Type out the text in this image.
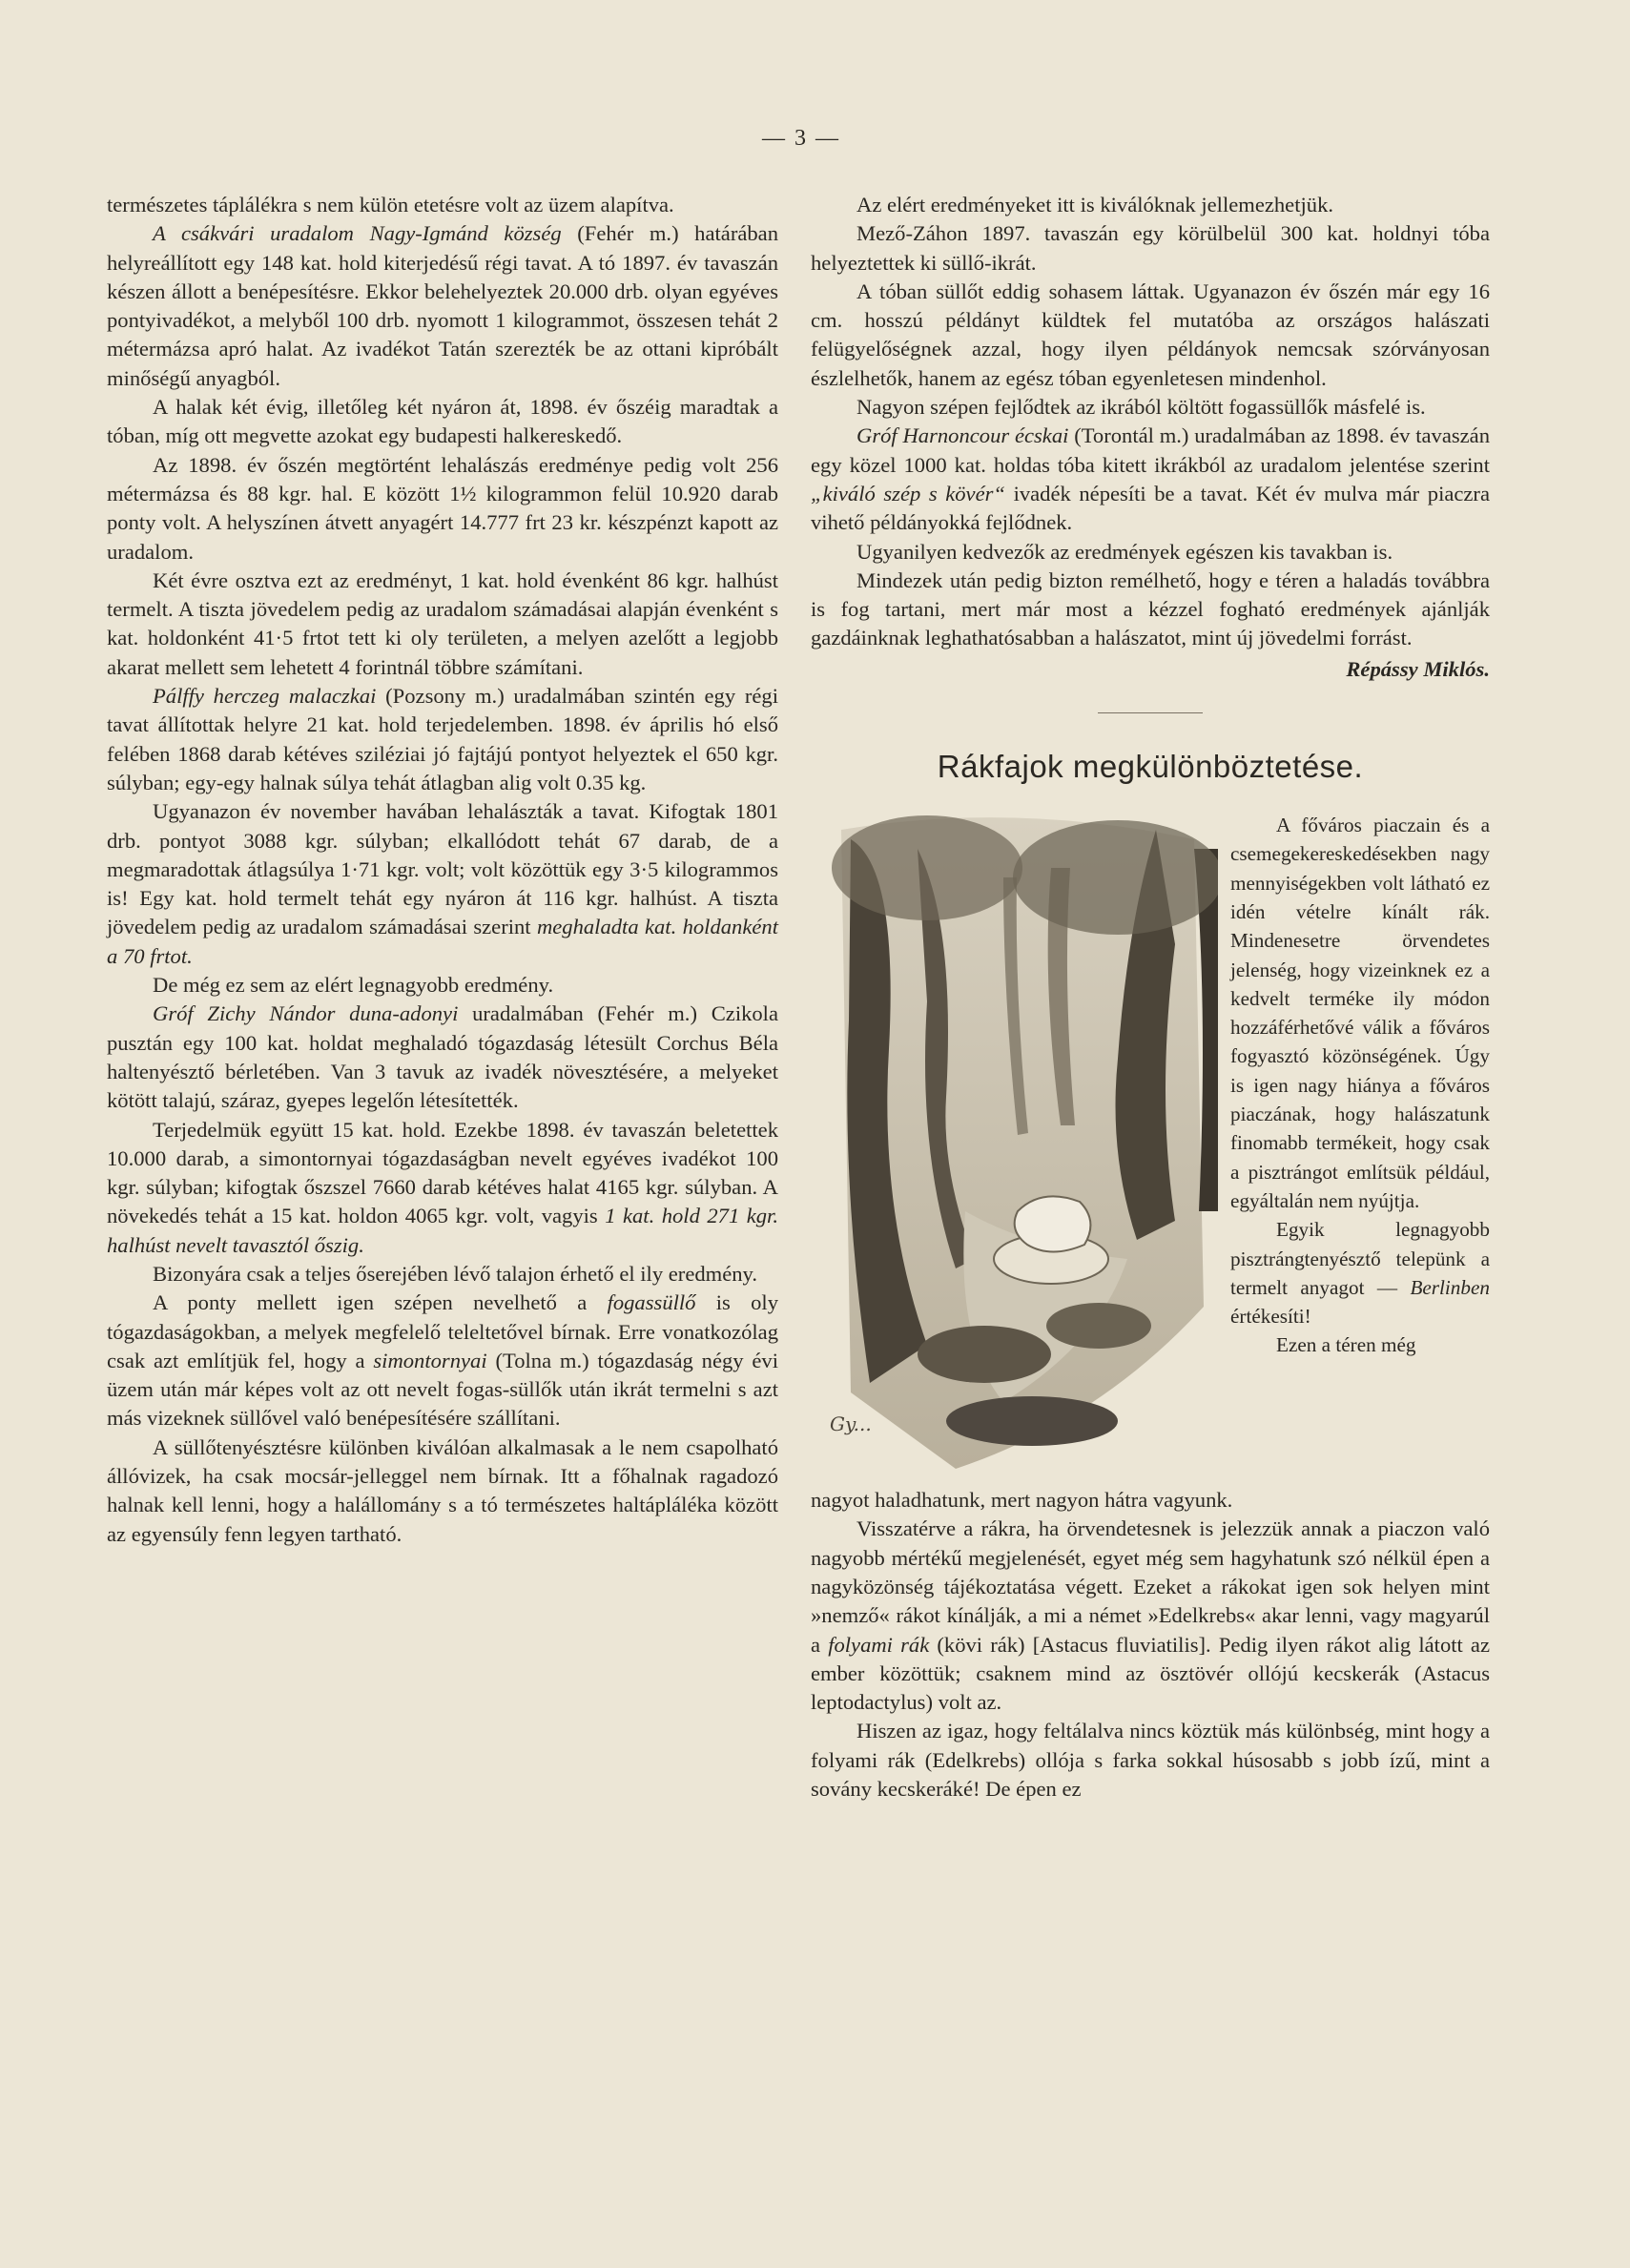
— 3 —

természetes táplálékra s nem külön etetésre volt az üzem alapítva.

A csákvári uradalom Nagy-Igmánd község (Fehér m.) határában helyreállított egy 148 kat. hold kiterjedésű régi tavat. A tó 1897. év tavaszán készen állott a benépesítésre. Ekkor belehelyeztek 20.000 drb. olyan egyéves pontyivadékot, a melyből 100 drb. nyomott 1 kilogrammot, összesen tehát 2 métermázsa apró halat. Az ivadékot Tatán szerezték be az ottani kipróbált minőségű anyagból.

A halak két évig, illetőleg két nyáron át, 1898. év őszéig maradtak a tóban, míg ott megvette azokat egy budapesti halkereskedő.

Az 1898. év őszén megtörtént lehalászás eredménye pedig volt 256 métermázsa és 88 kgr. hal. E között 1½ kilogrammon felül 10.920 darab ponty volt. A helyszínen átvett anyagért 14.777 frt 23 kr. készpénzt kapott az uradalom.

Két évre osztva ezt az eredményt, 1 kat. hold évenként 86 kgr. halhúst termelt. A tiszta jövedelem pedig az uradalom számadásai alapján évenként s kat. holdonként 41·5 frtot tett ki oly területen, a melyen azelőtt a legjobb akarat mellett sem lehetett 4 forintnál többre számítani.

Pálffy herczeg malaczkai (Pozsony m.) uradalmában szintén egy régi tavat állítottak helyre 21 kat. hold terjedelemben. 1898. év április hó első felében 1868 darab kétéves sziléziai jó fajtájú pontyot helyeztek el 650 kgr. súlyban; egy-egy halnak súlya tehát átlagban alig volt 0.35 kg.

Ugyanazon év november havában lehalászták a tavat. Kifogtak 1801 drb. pontyot 3088 kgr. súlyban; elkallódott tehát 67 darab, de a megmaradottak átlagsúlya 1·71 kgr. volt; volt közöttük egy 3·5 kilogrammos is! Egy kat. hold termelt tehát egy nyáron át 116 kgr. halhúst. A tiszta jövedelem pedig az uradalom számadásai szerint meghaladta kat. holdanként a 70 frtot.

De még ez sem az elért legnagyobb eredmény.

Gróf Zichy Nándor duna-adonyi uradalmában (Fehér m.) Czikola pusztán egy 100 kat. holdat meghaladó tógazdaság létesült Corchus Béla haltenyésztő bérletében. Van 3 tavuk az ivadék növesztésére, a melyeket kötött talajú, száraz, gyepes legelőn létesítették.

Terjedelmük együtt 15 kat. hold. Ezekbe 1898. év tavaszán beletettek 10.000 darab, a simontornyai tógazdaságban nevelt egyéves ivadékot 100 kgr. súlyban; kifogtak őszszel 7660 darab kétéves halat 4165 kgr. súlyban. A növekedés tehát a 15 kat. holdon 4065 kgr. volt, vagyis 1 kat. hold 271 kgr. halhúst nevelt tavasztól őszig.

Bizonyára csak a teljes őserejében lévő talajon érhető el ily eredmény.

A ponty mellett igen szépen nevelhető a fogassüllő is oly tógazdaságokban, a melyek megfelelő teleltetővel bírnak. Erre vonatkozólag csak azt említjük fel, hogy a simontornyai (Tolna m.) tógazdaság négy évi üzem után már képes volt az ott nevelt fogas-süllők után ikrát termelni s azt más vizeknek süllővel való benépesítésére szállítani.

A süllőtenyésztésre különben kiválóan alkalmasak a le nem csapolható állóvizek, ha csak mocsár-jelleggel nem bírnak. Itt a főhalnak ragadozó halnak kell lenni, hogy a halállomány s a tó természetes haltápláléka között az egyensúly fenn legyen tartható.

Az elért eredményeket itt is kiválóknak jellemezhetjük.

Mező-Záhon 1897. tavaszán egy körülbelül 300 kat. holdnyi tóba helyeztettek ki süllő-ikrát.

A tóban süllőt eddig sohasem láttak. Ugyanazon év őszén már egy 16 cm. hosszú példányt küldtek fel mutatóba az országos halászati felügyelőségnek azzal, hogy ilyen példányok nemcsak szórványosan észlelhetők, hanem az egész tóban egyenletesen mindenhol.

Nagyon szépen fejlődtek az ikrából költött fogassüllők másfelé is.

Gróf Harnoncour écskai (Torontál m.) uradalmában az 1898. év tavaszán egy közel 1000 kat. holdas tóba kitett ikrákból az uradalom jelentése szerint „kiváló szép s kövér“ ivadék népesíti be a tavat. Két év mulva már piaczra vihető példányokká fejlődnek.

Ugyanilyen kedvezők az eredmények egészen kis tavakban is.

Mindezek után pedig bizton remélhető, hogy e téren a haladás továbbra is fog tartani, mert már most a kézzel fogható eredmények ajánlják gazdáinknak leghathatósabban a halászatot, mint új jövedelmi forrást.

Répássy Miklós.

Rákfajok megkülönböztetése.

Gy...

A főváros piaczain és a csemegekereskedésekben nagy mennyiségekben volt látható ez idén vételre kínált rák. Mindenesetre örvendetes jelenség, hogy vizeinknek ez a kedvelt terméke ily módon hozzáférhetővé válik a főváros fogyasztó közönségének. Úgy is igen nagy hiánya a főváros piaczának, hogy halászatunk finomabb termékeit, hogy csak a pisztrángot említsük például, egyáltalán nem nyújtja.

Egyik legnagyobb pisztrángtenyésztő telepünk a termelt anyagot — Berlinben értékesíti!

Ezen a téren még

nagyot haladhatunk, mert nagyon hátra vagyunk.

Visszatérve a rákra, ha örvendetesnek is jelezzük annak a piaczon való nagyobb mértékű megjelenését, egyet még sem hagyhatunk szó nélkül épen a nagyközönség tájékoztatása végett. Ezeket a rákokat igen sok helyen mint »nemző« rákot kínálják, a mi a német »Edelkrebs« akar lenni, vagy magyarúl a folyami rák (kövi rák) [Astacus fluviatilis]. Pedig ilyen rákot alig látott az ember közöttük; csaknem mind az ösztövér ollójú kecskerák (Astacus leptodactylus) volt az.

Hiszen az igaz, hogy feltálalva nincs köztük más különbség, mint hogy a folyami rák (Edelkrebs) ollója s farka sokkal húsosabb s jobb ízű, mint a sovány kecskeráké! De épen ez
